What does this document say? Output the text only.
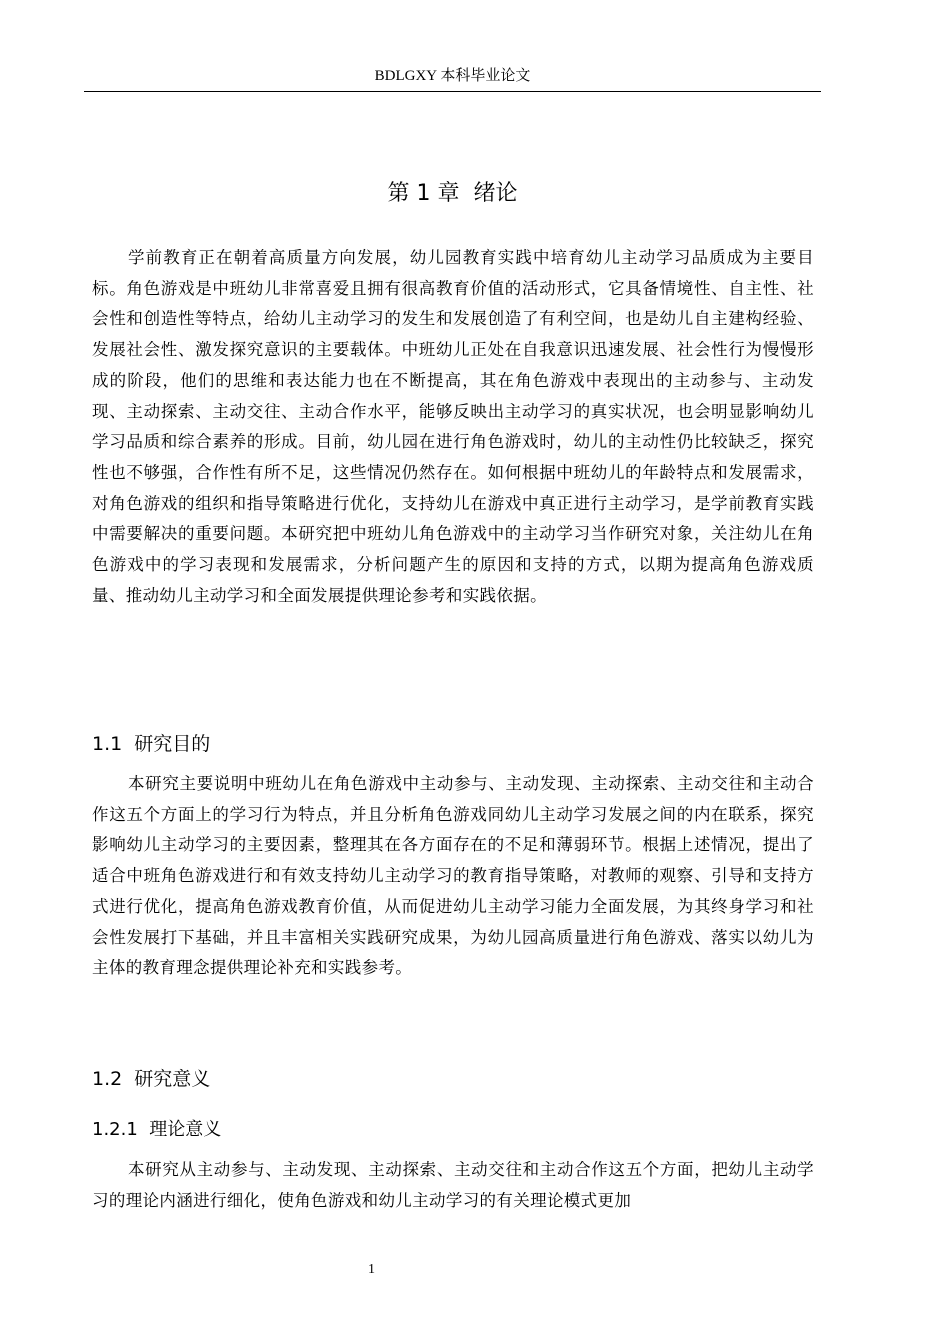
BDLGXY 本科毕业论文
第 1 章  绪论

学前教育正在朝着高质量方向发展，幼儿园教育实践中培育幼儿主动学习品质成为主要目标。角色游戏是中班幼儿非常喜爱且拥有很高教育价值的活动形式，它具备情境性、自主性、社会性和创造性等特点，给幼儿主动学习的发生和发展创造了有利空间，也是幼儿自主建构经验、发展社会性、激发探究意识的主要载体。中班幼儿正处在自我意识迅速发展、社会性行为慢慢形成的阶段，他们的思维和表达能力也在不断提高，其在角色游戏中表现出的主动参与、主动发现、主动探索、主动交往、主动合作水平，能够反映出主动学习的真实状况，也会明显影响幼儿学习品质和综合素养的形成。目前，幼儿园在进行角色游戏时，幼儿的主动性仍比较缺乏，探究性也不够强，合作性有所不足，这些情况仍然存在。如何根据中班幼儿的年龄特点和发展需求，对角色游戏的组织和指导策略进行优化，支持幼儿在游戏中真正进行主动学习，是学前教育实践中需要解决的重要问题。本研究把中班幼儿角色游戏中的主动学习当作研究对象，关注幼儿在角色游戏中的学习表现和发展需求，分析问题产生的原因和支持的方式，以期为提高角色游戏质量、推动幼儿主动学习和全面发展提供理论参考和实践依据。

1.1  研究目的

本研究主要说明中班幼儿在角色游戏中主动参与、主动发现、主动探索、主动交往和主动合作这五个方面上的学习行为特点，并且分析角色游戏同幼儿主动学习发展之间的内在联系，探究影响幼儿主动学习的主要因素，整理其在各方面存在的不足和薄弱环节。根据上述情况，提出了适合中班角色游戏进行和有效支持幼儿主动学习的教育指导策略，对教师的观察、引导和支持方式进行优化，提高角色游戏教育价值，从而促进幼儿主动学习能力全面发展，为其终身学习和社会性发展打下基础，并且丰富相关实践研究成果，为幼儿园高质量进行角色游戏、落实以幼儿为主体的教育理念提供理论补充和实践参考。

1.2  研究意义
1.2.1  理论意义

本研究从主动参与、主动发现、主动探索、主动交往和主动合作这五个方面，把幼儿主动学习的理论内涵进行细化，使角色游戏和幼儿主动学习的有关理论模式更加

1
